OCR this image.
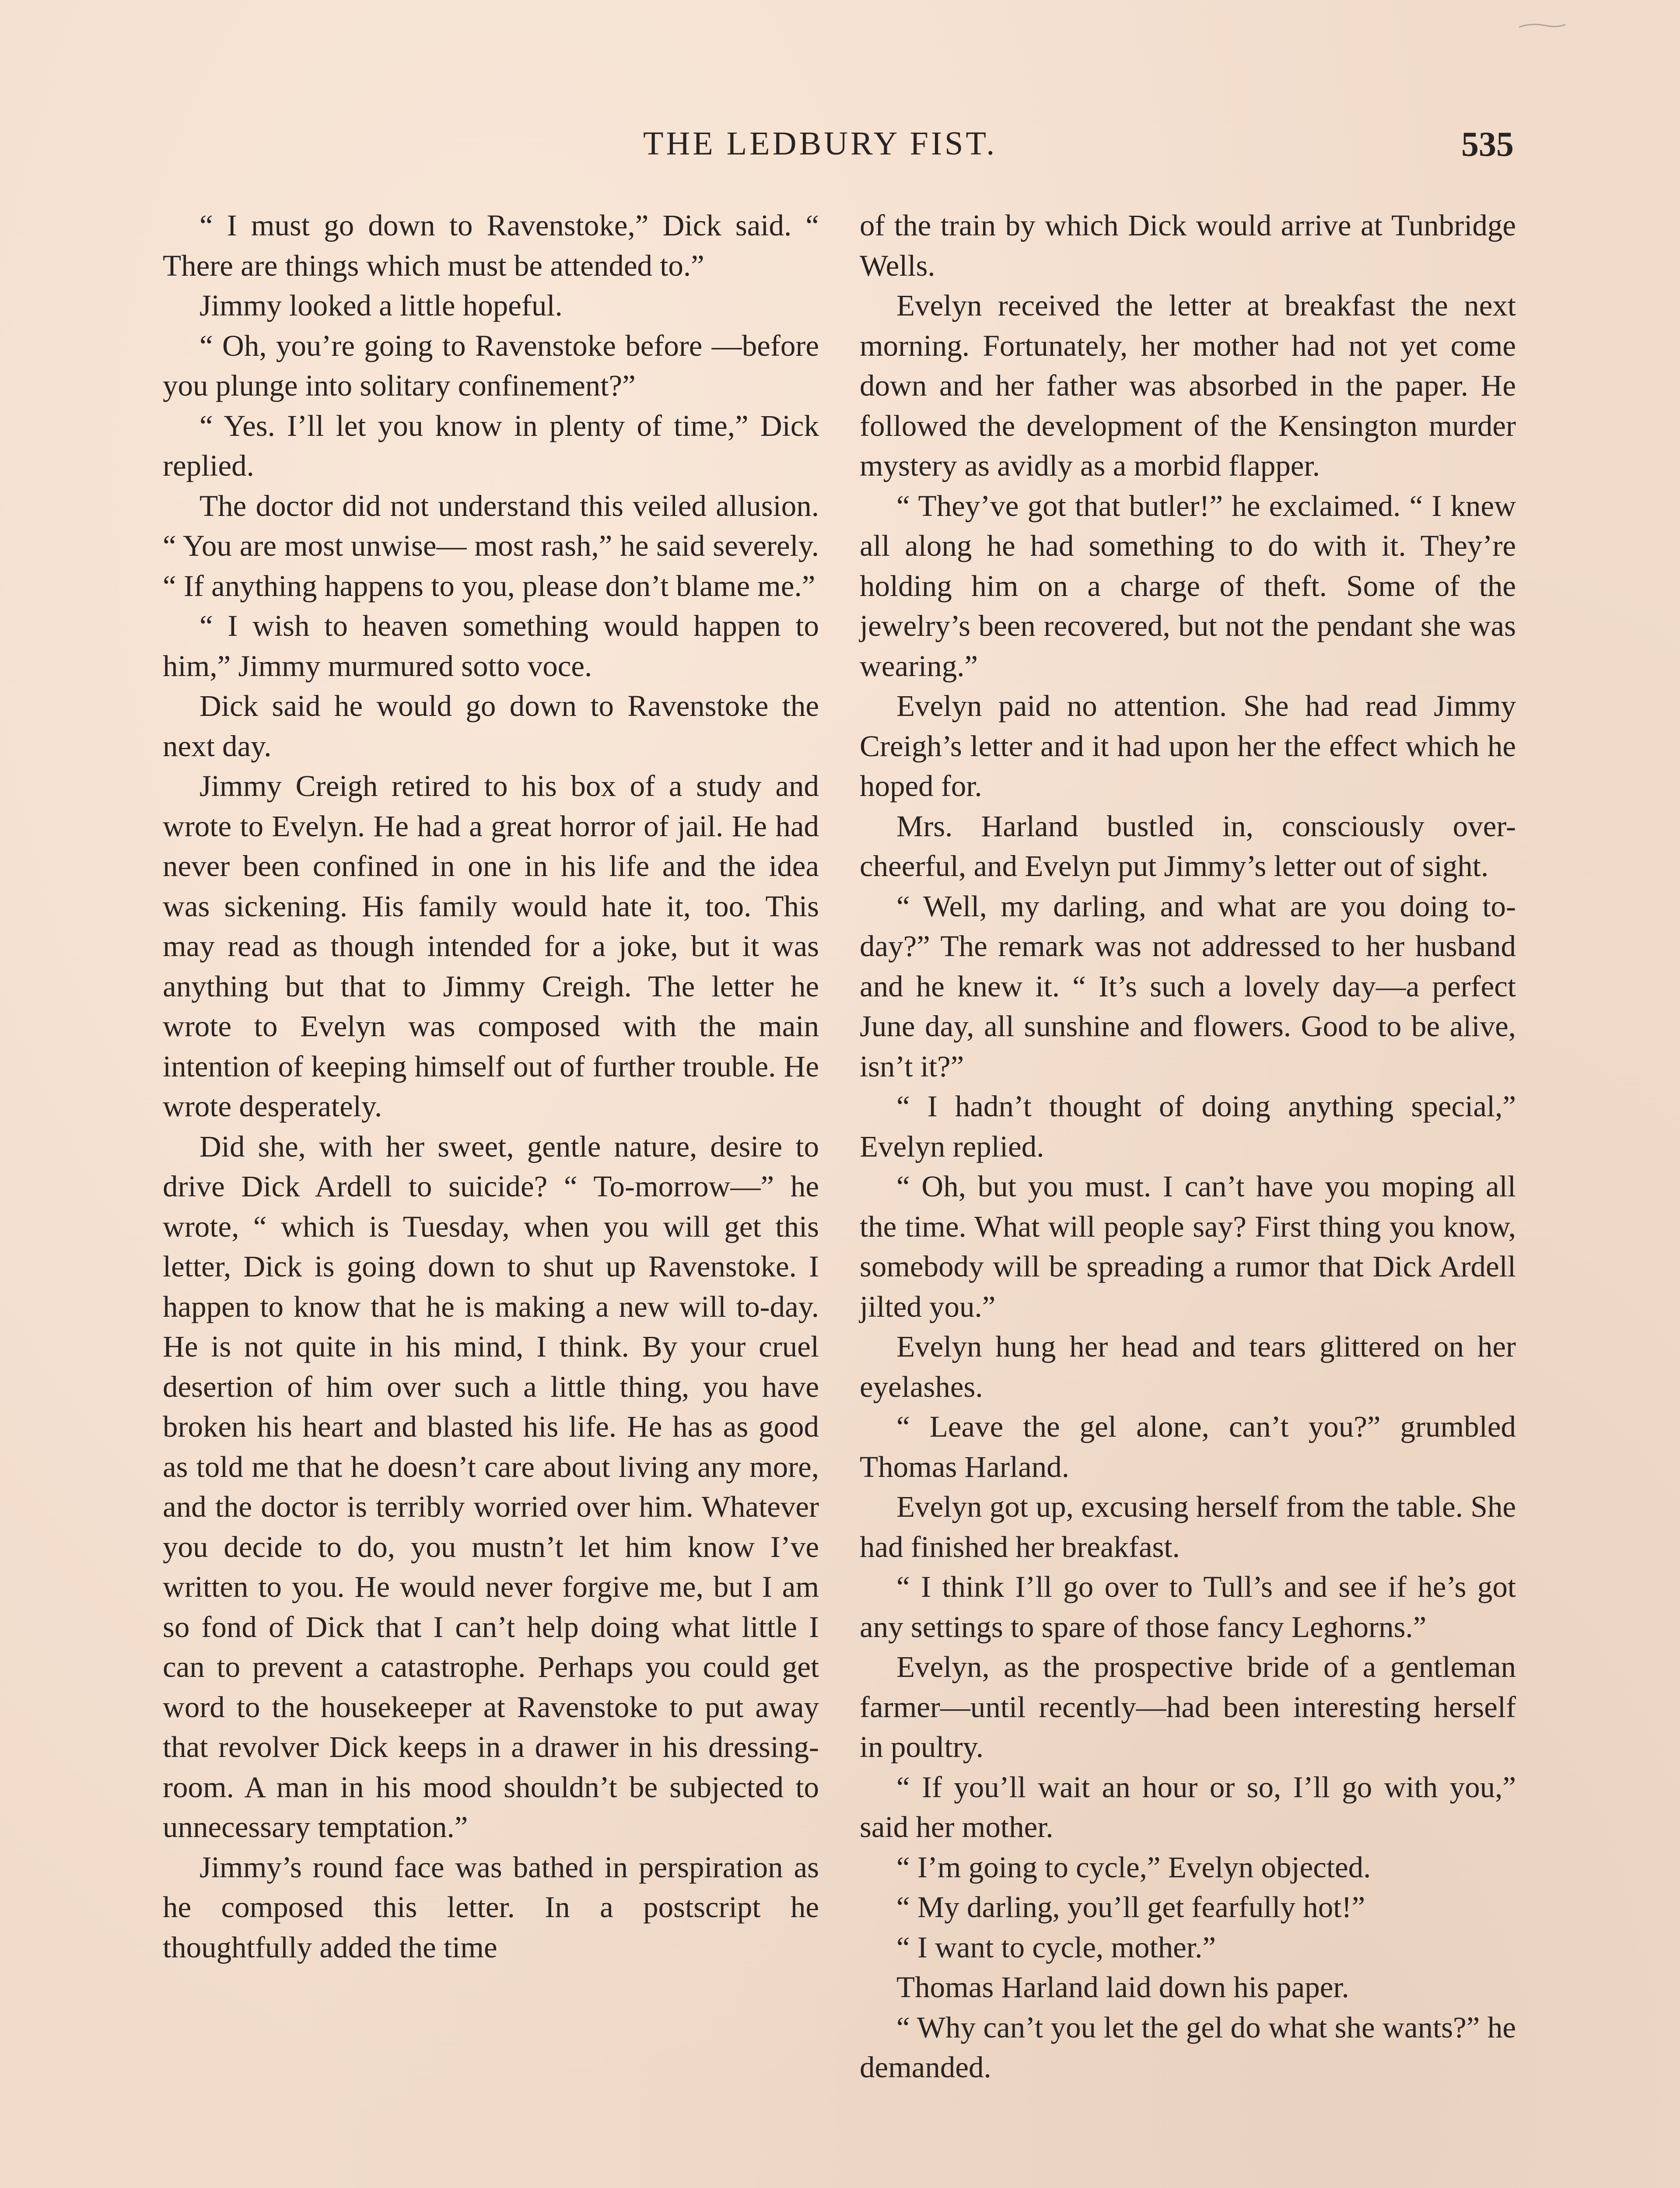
THE LEDBURY FIST.	535

“ I must go down to Ravenstoke,” Dick said. “ There are things which must be attended to.”

Jimmy looked a little hopeful.

“ Oh, you’re going to Ravenstoke before —before you plunge into solitary confinement?”

“ Yes. I’ll let you know in plenty of time,” Dick replied.

The doctor did not understand this veiled allusion. “ You are most unwise— most rash,” he said severely. “ If anything happens to you, please don’t blame me.”

“ I wish to heaven something would happen to him,” Jimmy murmured sotto voce.

Dick said he would go down to Ravenstoke the next day.

Jimmy Creigh retired to his box of a study and wrote to Evelyn. He had a great horror of jail. He had never been confined in one in his life and the idea was sickening. His family would hate it, too. This may read as though intended for a joke, but it was anything but that to Jimmy Creigh. The letter he wrote to Evelyn was composed with the main intention of keeping himself out of further trouble. He wrote desperately.

Did she, with her sweet, gentle nature, desire to drive Dick Ardell to suicide? “ To-morrow—” he wrote, “ which is Tuesday, when you will get this letter, Dick is going down to shut up Ravenstoke. I happen to know that he is making a new will to-day. He is not quite in his mind, I think. By your cruel desertion of him over such a little thing, you have broken his heart and blasted his life. He has as good as told me that he doesn’t care about living any more, and the doctor is terribly worried over him. Whatever you decide to do, you mustn’t let him know I’ve written to you. He would never forgive me, but I am so fond of Dick that I can’t help doing what little I can to prevent a catastrophe. Perhaps you could get word to the housekeeper at Ravenstoke to put away that revolver Dick keeps in a drawer in his dressing-room. A man in his mood shouldn’t be subjected to unnecessary temptation.”

Jimmy’s round face was bathed in perspiration as he composed this letter. In a postscript he thoughtfully added the time

of the train by which Dick would arrive at Tunbridge Wells.

Evelyn received the letter at breakfast the next morning. Fortunately, her mother had not yet come down and her father was absorbed in the paper. He followed the development of the Kensington murder mystery as avidly as a morbid flapper.

“ They’ve got that butler!” he exclaimed. “ I knew all along he had something to do with it. They’re holding him on a charge of theft. Some of the jewelry’s been recovered, but not the pendant she was wearing.”

Evelyn paid no attention. She had read Jimmy Creigh’s letter and it had upon her the effect which he hoped for.

Mrs. Harland bustled in, consciously over-cheerful, and Evelyn put Jimmy’s letter out of sight.

“ Well, my darling, and what are you doing to-day?” The remark was not addressed to her husband and he knew it. “ It’s such a lovely day—a perfect June day, all sunshine and flowers. Good to be alive, isn’t it?”

“ I hadn’t thought of doing anything special,” Evelyn replied.

“ Oh, but you must. I can’t have you moping all the time. What will people say? First thing you know, somebody will be spreading a rumor that Dick Ardell jilted you.”

Evelyn hung her head and tears glittered on her eyelashes.

“ Leave the gel alone, can’t you?” grumbled Thomas Harland.

Evelyn got up, excusing herself from the table. She had finished her breakfast.

“ I think I’ll go over to Tull’s and see if he’s got any settings to spare of those fancy Leghorns.”

Evelyn, as the prospective bride of a gentleman farmer—until recently—had been interesting herself in poultry.

“ If you’ll wait an hour or so, I’ll go with you,” said her mother.

“ I’m going to cycle,” Evelyn objected.

“ My darling, you’ll get fearfully hot!”

“ I want to cycle, mother.”

Thomas Harland laid down his paper.

“ Why can’t you let the gel do what she wants?” he demanded.
